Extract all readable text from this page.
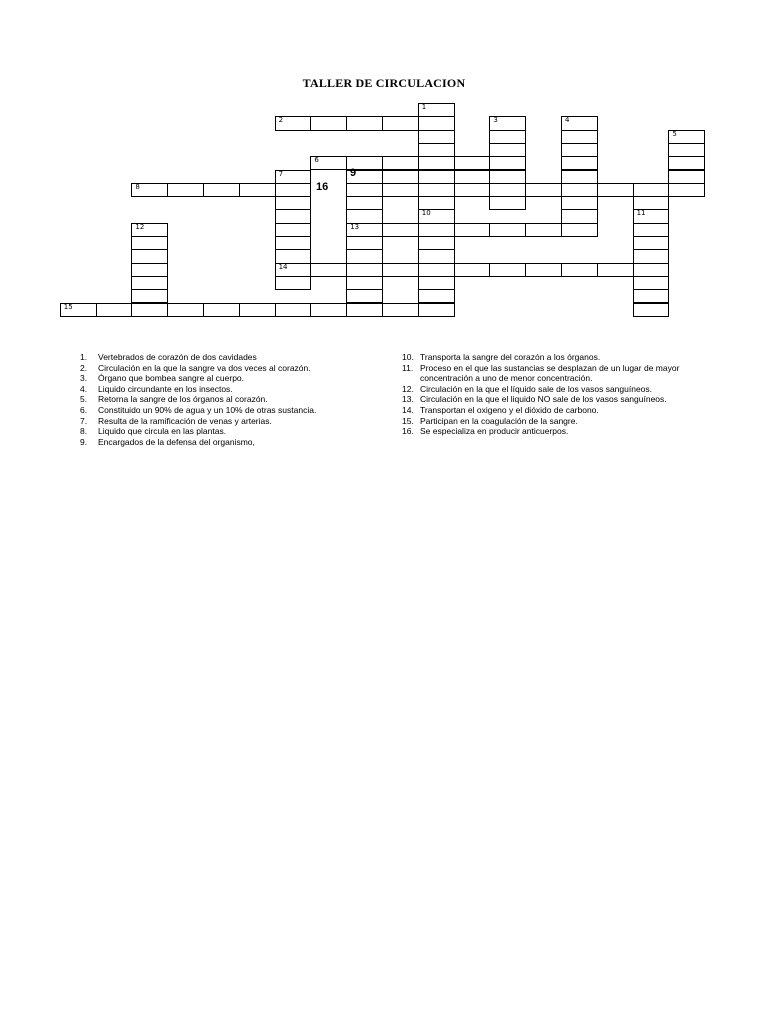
TALLER DE CIRCULACION
2
1
10
3	4
5
6
7
14
8
13
11
12
15
16
9
1.	Vertebrados de corazón de dos cavidades
2.	Circulación en la que la sangre va dos veces al corazón.
3.	Órgano que bombea sangre al cuerpo.
4.	Liquido circundante en los insectos.
5.	Retorna la sangre de los órganos al corazón.
6.	Constituido un 90% de agua y un 10% de otras sustancia.
7.	Resulta de la ramificación de venas y arterias.
8.	Liquido que circula en las plantas.
9.	Encargados de la defensa del organismo,
10. Transporta la sangre del corazón a los órganos.
11. Proceso en el que las sustancias se desplazan de un lugar de mayor concentración a uno de menor concentración.
12. Circulación en la que el líquido sale de los vasos sanguíneos.
13. Circulación en la que el liquido NO sale de los vasos sanguíneos.
14. Transportan el oxigeno y el dióxido de carbono.
15. Participan en la coagulación de la sangre.
16. Se especializa en producir anticuerpos.
